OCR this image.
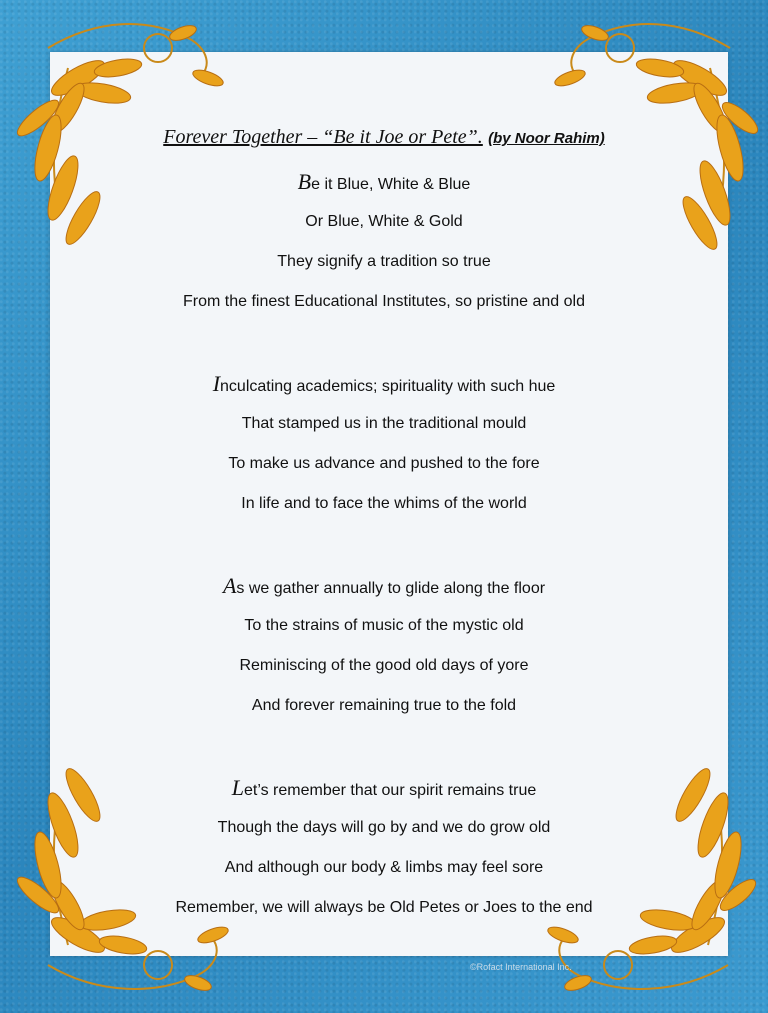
Forever Together – “Be it Joe or Pete”. (by Noor Rahim)
Be it Blue, White & Blue
Or Blue, White & Gold
They signify a tradition so true
From the finest Educational Institutes, so pristine and old
Inculcating academics; spirituality with such hue
That stamped us in the traditional mould
To make us advance and pushed to the fore
In life and to face the whims of the world
As we gather annually to glide along the floor
To the strains of music of the mystic old
Reminiscing of the good old days of yore
And forever remaining true to the fold
Let’s remember that our spirit remains true
Though the days will go by and we do grow old
And although our body & limbs may feel sore
Remember, we will always be Old Petes or Joes to the end
©Rofact International Inc.
